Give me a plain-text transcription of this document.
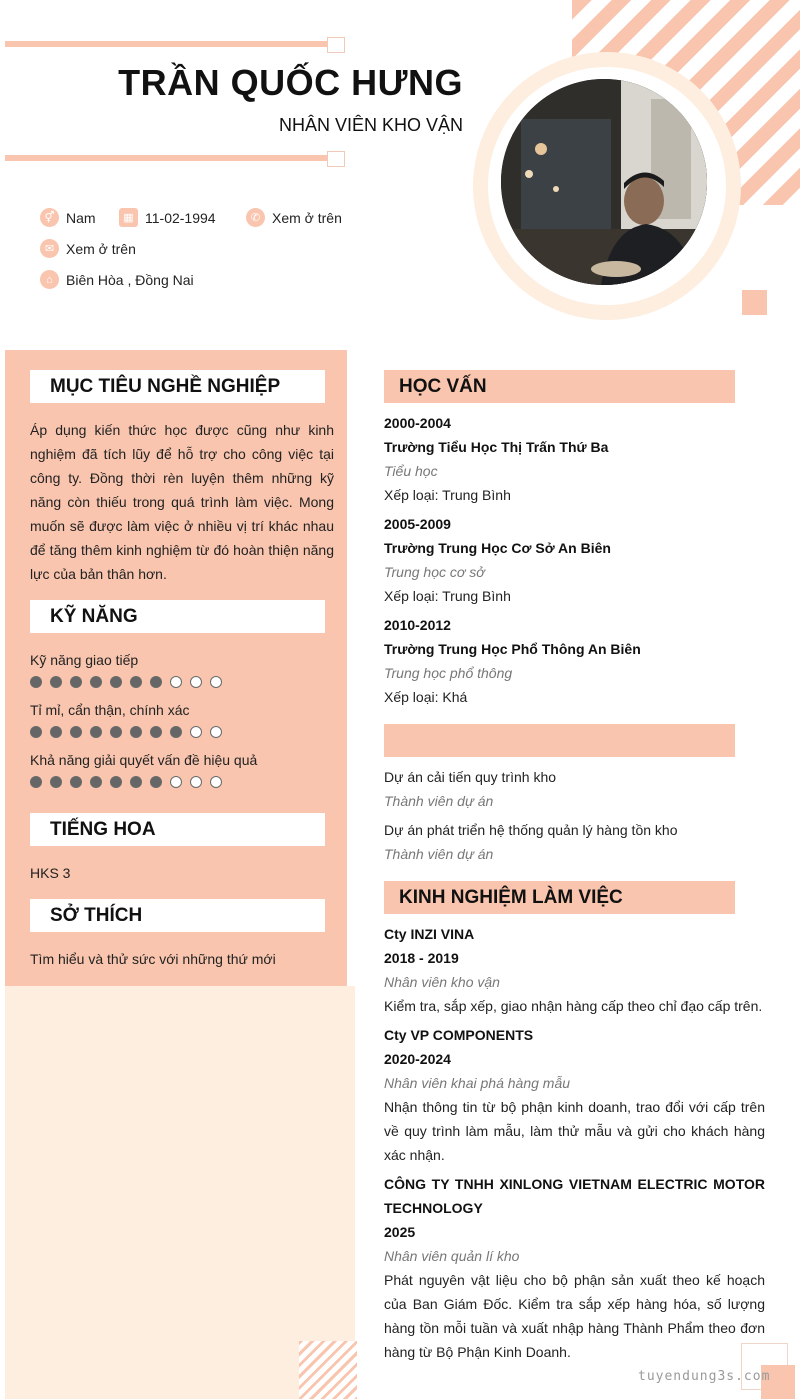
TRẦN QUỐC HƯNG
NHÂN VIÊN KHO VẬN
⚥ Nam	▦ 11-02-1994	✆ Xem ở trên
✉ Xem ở trên
⌂ Biên Hòa , Đồng Nai
MỤC TIÊU NGHỀ NGHIỆP
Áp dụng kiến thức học được cũng như kinh nghiệm đã tích lũy để hỗ trợ cho công việc tại công ty. Đồng thời rèn luyện thêm những kỹ năng còn thiếu trong quá trình làm việc. Mong muốn sẽ được làm việc ở nhiều vị trí khác nhau để tăng thêm kinh nghiệm từ đó hoàn thiện năng lực của bản thân hơn.
KỸ NĂNG
Kỹ năng giao tiếp
Tỉ mỉ, cẩn thận, chính xác
Khả năng giải quyết vấn đề hiệu quả
TIẾNG HOA
HKS 3
SỞ THÍCH
Tìm hiểu và thử sức với những thứ mới
HỌC VẤN
2000-2004
Trường Tiểu Học Thị Trấn Thứ Ba
Tiểu học
Xếp loại: Trung Bình
2005-2009
Trường Trung Học Cơ Sở An Biên
Trung học cơ sở
Xếp loại: Trung Bình
2010-2012
Trường Trung Học Phổ Thông An Biên
Trung học phổ thông
Xếp loại: Khá
Dự án cải tiến quy trình kho
Thành viên dự án
Dự án phát triển hệ thống quản lý hàng tồn kho
Thành viên dự án
KINH NGHIỆM LÀM VIỆC
Cty INZI VINA
2018 - 2019
Nhân viên kho vận
Kiểm tra, sắp xếp, giao nhận hàng cấp theo chỉ đạo cấp trên.
Cty VP COMPONENTS
2020-2024
Nhân viên khai phá hàng mẫu
Nhận thông tin từ bộ phận kinh doanh, trao đổi với cấp trên về quy trình làm mẫu, làm thử mẫu và gửi cho khách hàng xác nhận.
CÔNG TY TNHH XINLONG VIETNAM ELECTRIC MOTOR TECHNOLOGY
2025
Nhân viên quản lí kho
Phát nguyên vật liệu cho bộ phận sản xuất theo kế hoạch của Ban Giám Đốc. Kiểm tra sắp xếp hàng hóa, số lượng hàng tồn mỗi tuần và xuất nhập hàng Thành Phẩm theo đơn hàng từ Bộ Phận Kinh Doanh.
tuyendung3s.com
